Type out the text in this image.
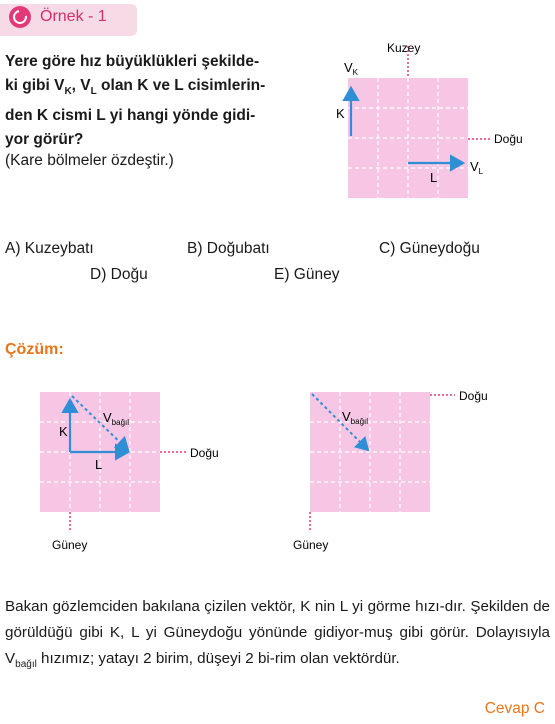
Örnek - 1
Yere göre hız büyüklükleri şekilde-
ki gibi $V_K$, $V_L$ olan K ve L cisimlerin-
den K cismi L yi hangi yönde gidi-
yor görür?
(Kare bölmeler özdeştir.)
Kuzey
Doğu
$V_K$
K
L
$V_L$
A) Kuzeybatı	B) Doğubatı	C) Güneydoğu
D) Doğu	E) Güney
Çözüm:
K
L
$V_{bağıl}$
Doğu
Güney
$V_{bağıl}$
Doğu
Güney
Bakan gözlemciden bakılana çizilen vektör, K nin L yi görme hızı-dır. Şekilden de görüldüğü gibi K, L yi Güneydoğu yönünde gidiyor-muş gibi görür. Dolayısıyla $V_{bağıl}$ hızımız; yatayı 2 birim, düşeyi 2 bi-rim olan vektördür.
Cevap C
